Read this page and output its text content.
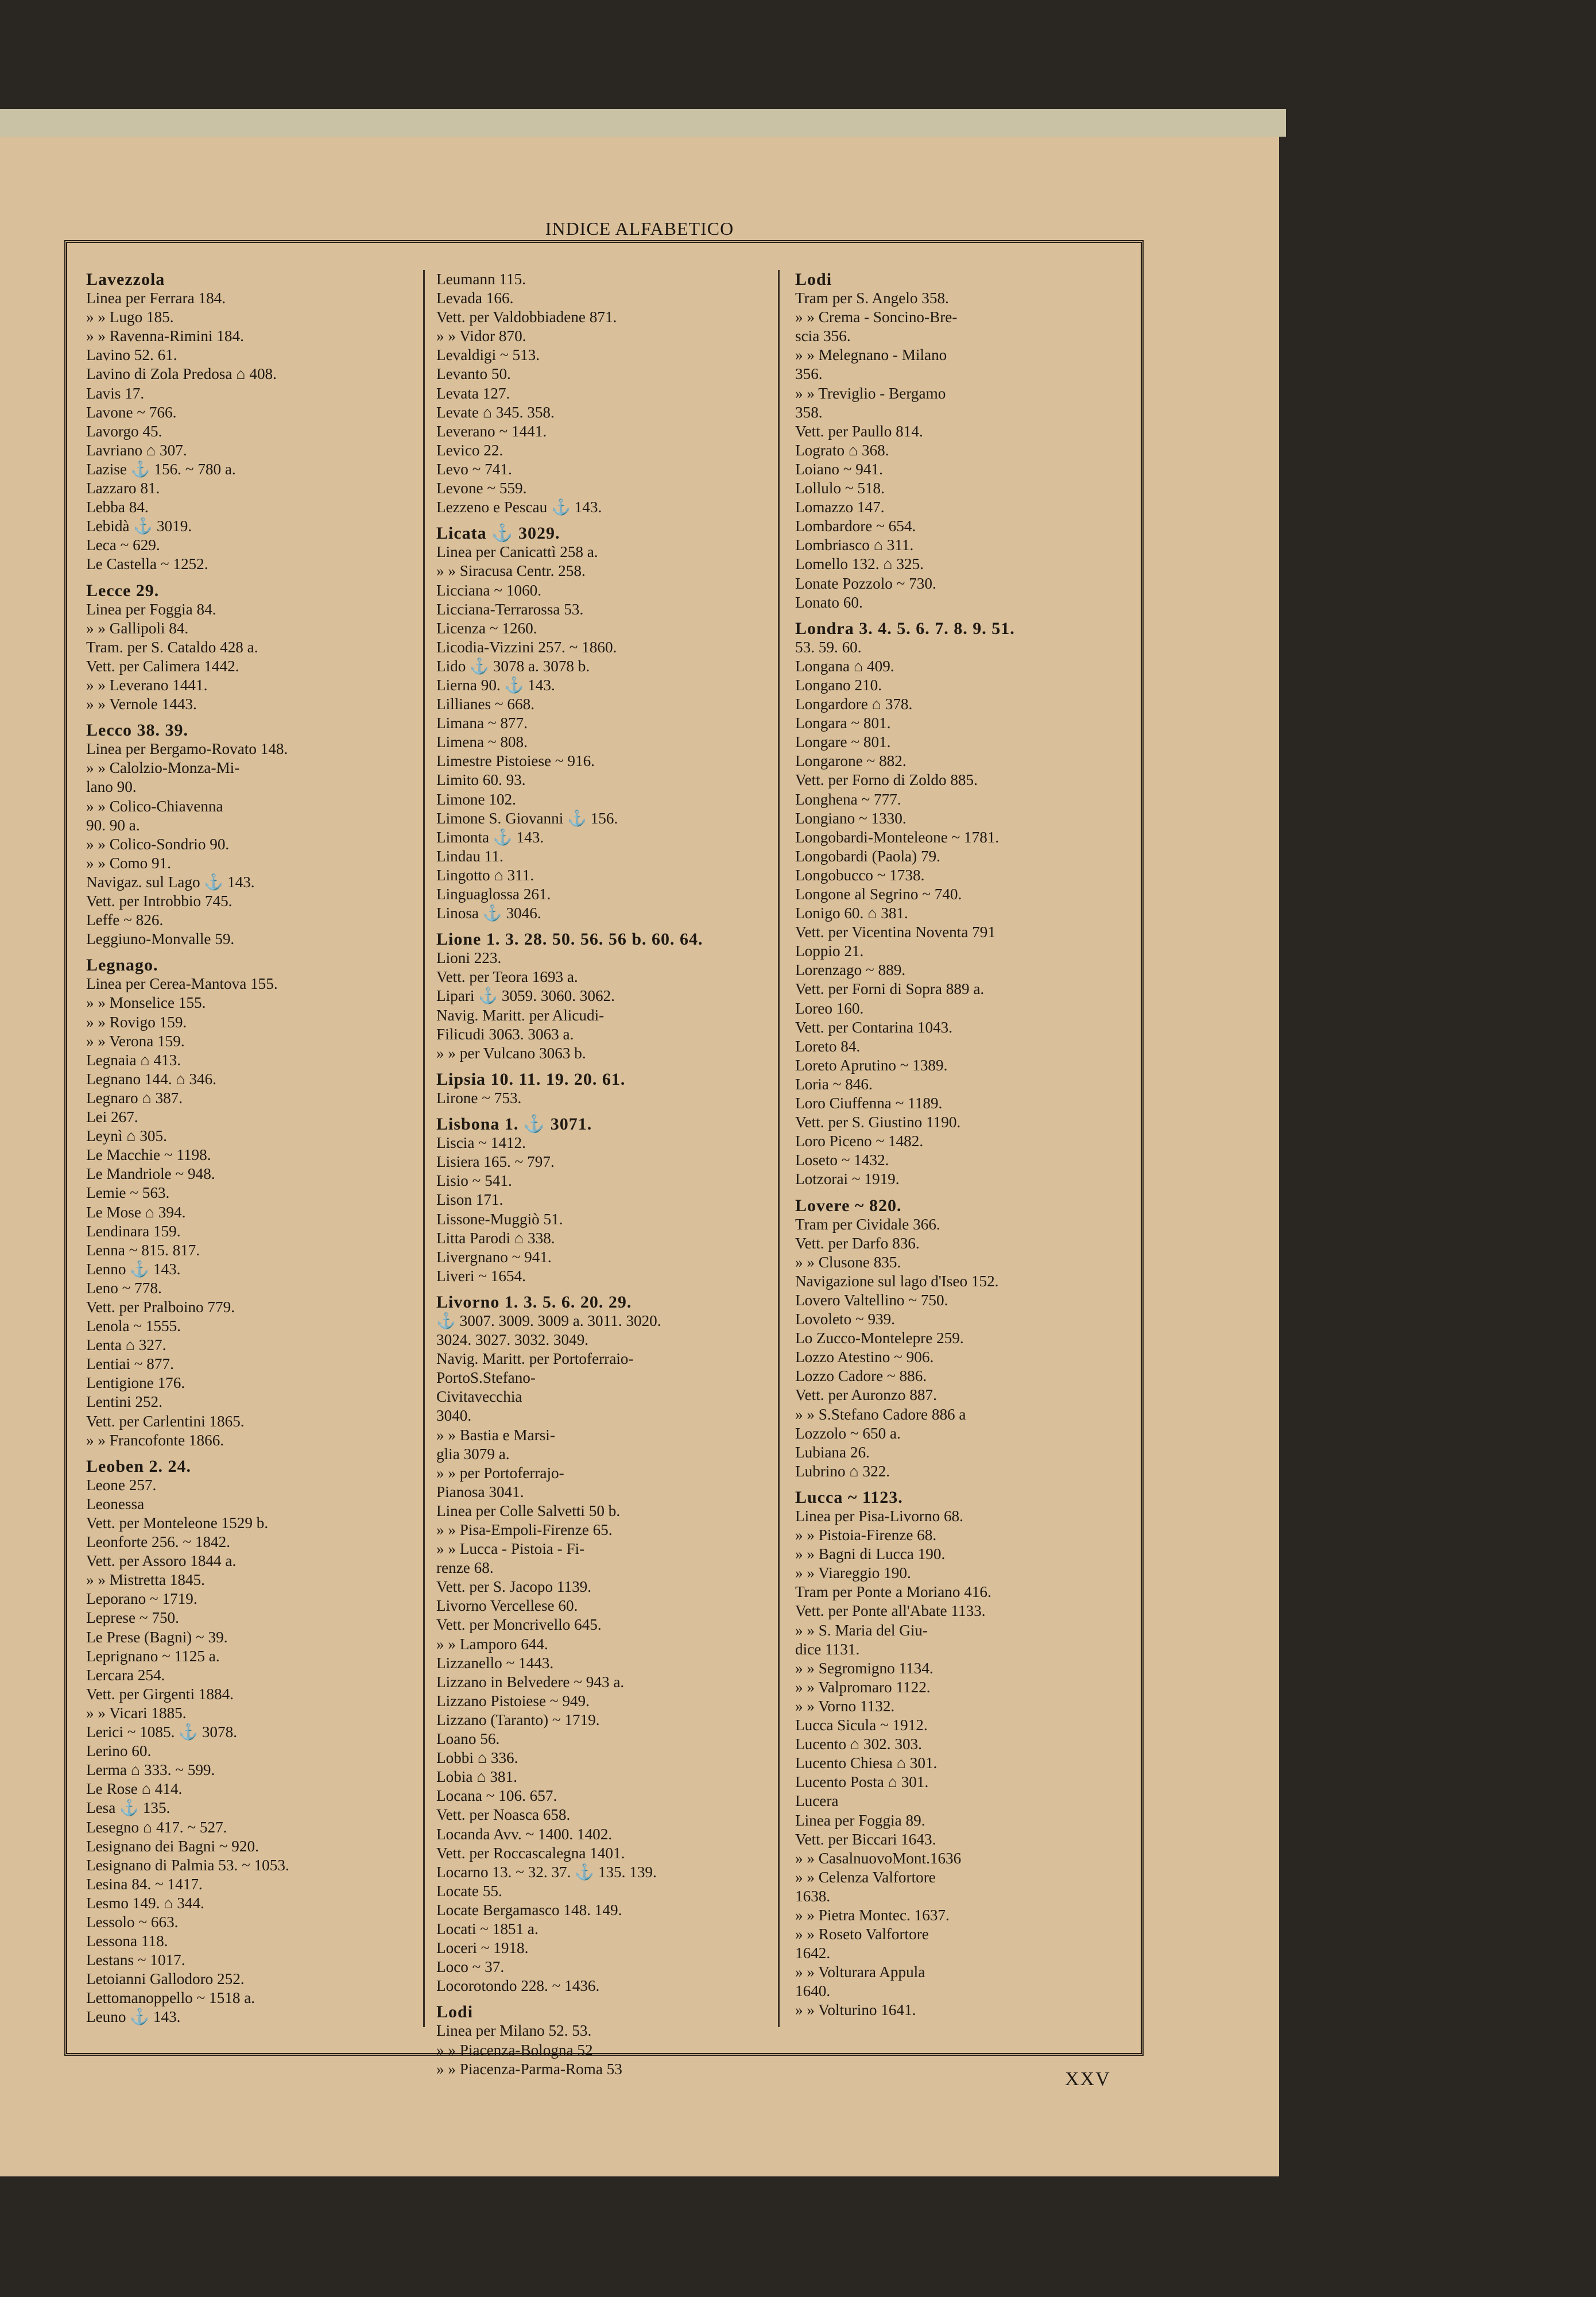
INDICE ALFABETICO
Lavezzola
Linea per Ferrara 184.
» » Lugo 185.
» » Ravenna-Rimini 184.
Lavino 52. 61.
Lavino di Zola Predosa ⌂ 408.
Lavis 17.
Lavone ~ 766.
Lavorgo 45.
Lavriano ⌂ 307.
Lazise ⚓ 156. ~ 780 a.
Lazzaro 81.
Lebba 84.
Lebidà ⚓ 3019.
Leca ~ 629.
Le Castella ~ 1252.
Lecce 29.
Linea per Foggia 84.
» » Gallipoli 84.
Tram. per S. Cataldo 428 a.
Vett. per Calimera 1442.
» » Leverano 1441.
» » Vernole 1443.
Lecco 38. 39.
Linea per Bergamo-Rovato 148.
» » Calolzio-Monza-Mi-
lano 90.
» » Colico-Chiavenna
90. 90 a.
» » Colico-Sondrio 90.
» » Como 91.
Navigaz. sul Lago ⚓ 143.
Vett. per Introbbio 745.
Leffe ~ 826.
Leggiuno-Monvalle 59.
Legnago.
Linea per Cerea-Mantova 155.
» » Monselice 155.
» » Rovigo 159.
» » Verona 159.
Legnaia ⌂ 413.
Legnano 144. ⌂ 346.
Legnaro ⌂ 387.
Lei 267.
Leynì ⌂ 305.
Le Macchie ~ 1198.
Le Mandriole ~ 948.
Lemie ~ 563.
Le Mose ⌂ 394.
Lendinara 159.
Lenna ~ 815. 817.
Lenno ⚓ 143.
Leno ~ 778.
Vett. per Pralboino 779.
Lenola ~ 1555.
Lenta ⌂ 327.
Lentiai ~ 877.
Lentigione 176.
Lentini 252.
Vett. per Carlentini 1865.
» » Francofonte 1866.
Leoben 2. 24.
Leone 257.
Leonessa
Vett. per Monteleone 1529 b.
Leonforte 256. ~ 1842.
Vett. per Assoro 1844 a.
» » Mistretta 1845.
Leporano ~ 1719.
Leprese ~ 750.
Le Prese (Bagni) ~ 39.
Leprignano ~ 1125 a.
Lercara 254.
Vett. per Girgenti 1884.
» » Vicari 1885.
Lerici ~ 1085. ⚓ 3078.
Lerino 60.
Lerma ⌂ 333. ~ 599.
Le Rose ⌂ 414.
Lesa ⚓ 135.
Lesegno ⌂ 417. ~ 527.
Lesignano dei Bagni ~ 920.
Lesignano di Palmia 53. ~ 1053.
Lesina 84. ~ 1417.
Lesmo 149. ⌂ 344.
Lessolo ~ 663.
Lessona 118.
Lestans ~ 1017.
Letoianni Gallodoro 252.
Lettomanoppello ~ 1518 a.
Leuno ⚓ 143.
Leumann 115.
Levada 166.
Vett. per Valdobbiadene 871.
» » Vidor 870.
Levaldigi ~ 513.
Levanto 50.
Levata 127.
Levate ⌂ 345. 358.
Leverano ~ 1441.
Levico 22.
Levo ~ 741.
Levone ~ 559.
Lezzeno e Pescau ⚓ 143.
Licata ⚓ 3029.
Linea per Canicattì 258 a.
» » Siracusa Centr. 258.
Licciana ~ 1060.
Licciana-Terrarossa 53.
Licenza ~ 1260.
Licodia-Vizzini 257. ~ 1860.
Lido ⚓ 3078 a. 3078 b.
Lierna 90. ⚓ 143.
Lillianes ~ 668.
Limana ~ 877.
Limena ~ 808.
Limestre Pistoiese ~ 916.
Limito 60. 93.
Limone 102.
Limone S. Giovanni ⚓ 156.
Limonta ⚓ 143.
Lindau 11.
Lingotto ⌂ 311.
Linguaglossa 261.
Linosa ⚓ 3046.
Lione 1. 3. 28. 50. 56. 56 b. 60. 64.
Lioni 223.
Vett. per Teora 1693 a.
Lipari ⚓ 3059. 3060. 3062.
Navig. Maritt. per Alicudi-
Filicudi 3063. 3063 a.
» » per Vulcano 3063 b.
Lipsia 10. 11. 19. 20. 61.
Lirone ~ 753.
Lisbona 1. ⚓ 3071.
Liscia ~ 1412.
Lisiera 165. ~ 797.
Lisio ~ 541.
Lison 171.
Lissone-Muggiò 51.
Litta Parodi ⌂ 338.
Livergnano ~ 941.
Liveri ~ 1654.
Livorno 1. 3. 5. 6. 20. 29.
⚓ 3007. 3009. 3009 a. 3011. 3020.
3024. 3027. 3032. 3049.
Navig. Maritt. per Portoferraio-
PortoS.Stefano-
Civitavecchia
3040.
» » Bastia e Marsi-
glia 3079 a.
» » per Portoferrajo-
Pianosa 3041.
Linea per Colle Salvetti 50 b.
» » Pisa-Empoli-Firenze 65.
» » Lucca - Pistoia - Fi-
renze 68.
Vett. per S. Jacopo 1139.
Livorno Vercellese 60.
Vett. per Moncrivello 645.
» » Lamporo 644.
Lizzanello ~ 1443.
Lizzano in Belvedere ~ 943 a.
Lizzano Pistoiese ~ 949.
Lizzano (Taranto) ~ 1719.
Loano 56.
Lobbi ⌂ 336.
Lobia ⌂ 381.
Locana ~ 106. 657.
Vett. per Noasca 658.
Locanda Avv. ~ 1400. 1402.
Vett. per Roccascalegna 1401.
Locarno 13. ~ 32. 37. ⚓ 135. 139.
Locate 55.
Locate Bergamasco 148. 149.
Locati ~ 1851 a.
Loceri ~ 1918.
Loco ~ 37.
Locorotondo 228. ~ 1436.
Lodi
Linea per Milano 52. 53.
» » Piacenza-Bologna 52
» » Piacenza-Parma-Roma 53
Lodi
Tram per S. Angelo 358.
» » Crema - Soncino-Bre-
scia 356.
» » Melegnano - Milano
356.
» » Treviglio - Bergamo
358.
Vett. per Paullo 814.
Lograto ⌂ 368.
Loiano ~ 941.
Lollulo ~ 518.
Lomazzo 147.
Lombardore ~ 654.
Lombriasco ⌂ 311.
Lomello 132. ⌂ 325.
Lonate Pozzolo ~ 730.
Lonato 60.
Londra 3. 4. 5. 6. 7. 8. 9. 51.
53. 59. 60.
Longana ⌂ 409.
Longano 210.
Longardore ⌂ 378.
Longara ~ 801.
Longare ~ 801.
Longarone ~ 882.
Vett. per Forno di Zoldo 885.
Longhena ~ 777.
Longiano ~ 1330.
Longobardi-Monteleone ~ 1781.
Longobardi (Paola) 79.
Longobucco ~ 1738.
Longone al Segrino ~ 740.
Lonigo 60. ⌂ 381.
Vett. per Vicentina Noventa 791
Loppio 21.
Lorenzago ~ 889.
Vett. per Forni di Sopra 889 a.
Loreo 160.
Vett. per Contarina 1043.
Loreto 84.
Loreto Aprutino ~ 1389.
Loria ~ 846.
Loro Ciuffenna ~ 1189.
Vett. per S. Giustino 1190.
Loro Piceno ~ 1482.
Loseto ~ 1432.
Lotzorai ~ 1919.
Lovere ~ 820.
Tram per Cividale 366.
Vett. per Darfo 836.
» » Clusone 835.
Navigazione sul lago d'Iseo 152.
Lovero Valtellino ~ 750.
Lovoleto ~ 939.
Lo Zucco-Montelepre 259.
Lozzo Atestino ~ 906.
Lozzo Cadore ~ 886.
Vett. per Auronzo 887.
» » S.Stefano Cadore 886 a
Lozzolo ~ 650 a.
Lubiana 26.
Lubrino ⌂ 322.
Lucca ~ 1123.
Linea per Pisa-Livorno 68.
» » Pistoia-Firenze 68.
» » Bagni di Lucca 190.
» » Viareggio 190.
Tram per Ponte a Moriano 416.
Vett. per Ponte all'Abate 1133.
» » S. Maria del Giu-
dice 1131.
» » Segromigno 1134.
» » Valpromaro 1122.
» » Vorno 1132.
Lucca Sicula ~ 1912.
Lucento ⌂ 302. 303.
Lucento Chiesa ⌂ 301.
Lucento Posta ⌂ 301.
Lucera
Linea per Foggia 89.
Vett. per Biccari 1643.
» » CasalnuovoMont.1636
» » Celenza Valfortore
1638.
» » Pietra Montec. 1637.
» » Roseto Valfortore
1642.
» » Volturara Appula
1640.
» » Volturino 1641.
XXV
